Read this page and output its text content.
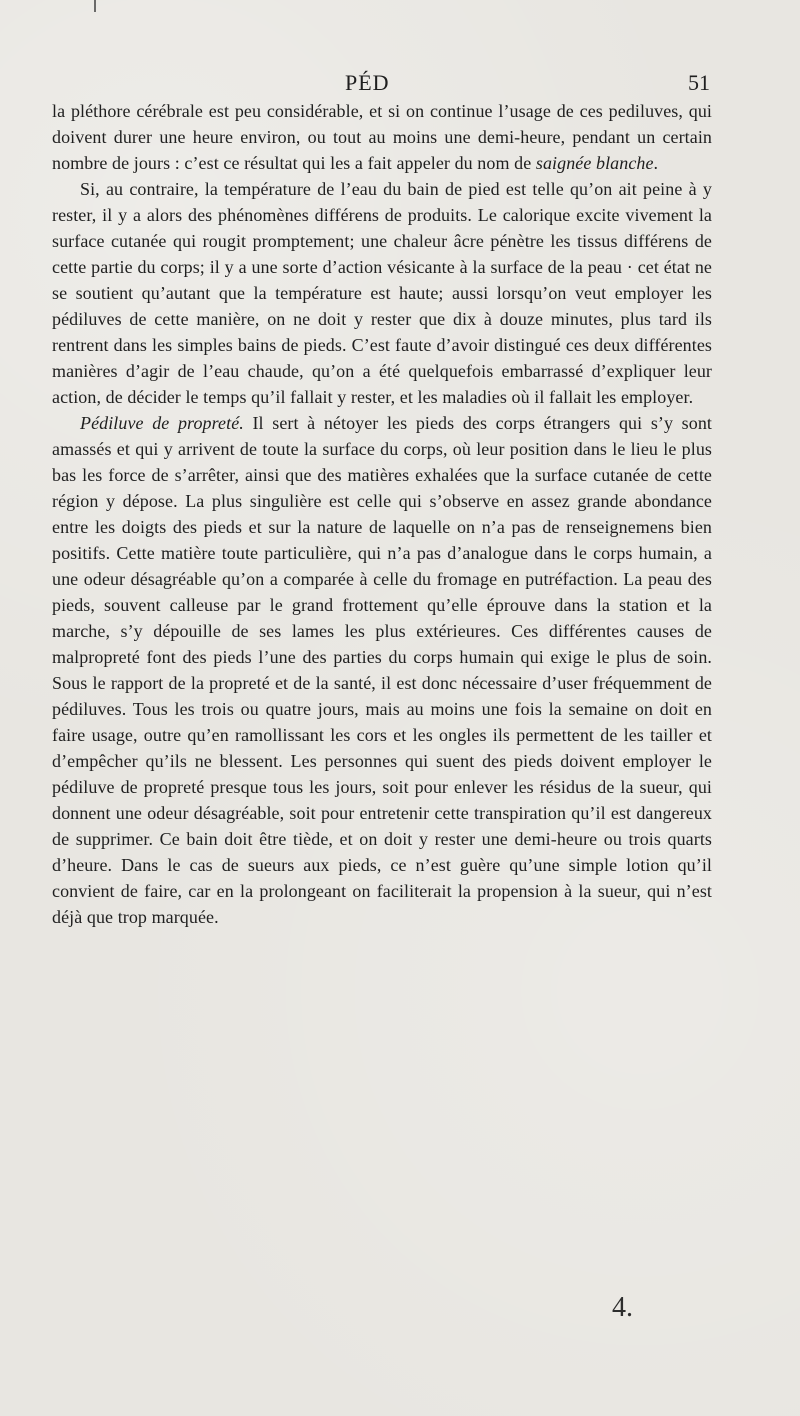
PÉD	51

la pléthore cérébrale est peu considérable, et si on continue l’usage de ces pediluves, qui doivent durer une heure environ, ou tout au moins une demi-heure, pendant un certain nombre de jours : c’est ce résultat qui les a fait appeler du nom de saignée blanche.

Si, au contraire, la température de l’eau du bain de pied est telle qu’on ait peine à y rester, il y a alors des phénomènes différens de produits. Le calorique excite vivement la surface cutanée qui rougit promptement; une chaleur âcre pénètre les tissus différens de cette partie du corps; il y a une sorte d’action vésicante à la surface de la peau · cet état ne se soutient qu’autant que la température est haute; aussi lorsqu’on veut employer les pédiluves de cette manière, on ne doit y rester que dix à douze minutes, plus tard ils rentrent dans les simples bains de pieds. C’est faute d’avoir distingué ces deux différentes manières d’agir de l’eau chaude, qu’on a été quelquefois embarrassé d’expliquer leur action, de décider le temps qu’il fallait y rester, et les maladies où il fallait les employer.

Pédiluve de propreté. Il sert à nétoyer les pieds des corps étrangers qui s’y sont amassés et qui y arrivent de toute la surface du corps, où leur position dans le lieu le plus bas les force de s’arrêter, ainsi que des matières exhalées que la surface cutanée de cette région y dépose. La plus singulière est celle qui s’observe en assez grande abondance entre les doigts des pieds et sur la nature de laquelle on n’a pas de renseignemens bien positifs. Cette matière toute particulière, qui n’a pas d’analogue dans le corps humain, a une odeur désagréable qu’on a comparée à celle du fromage en putréfaction. La peau des pieds, souvent calleuse par le grand frottement qu’elle éprouve dans la station et la marche, s’y dépouille de ses lames les plus extérieures. Ces différentes causes de malpropreté font des pieds l’une des parties du corps humain qui exige le plus de soin. Sous le rapport de la propreté et de la santé, il est donc nécessaire d’user fréquemment de pédiluves. Tous les trois ou quatre jours, mais au moins une fois la semaine on doit en faire usage, outre qu’en ramollissant les cors et les ongles ils permettent de les tailler et d’empêcher qu’ils ne blessent. Les personnes qui suent des pieds doivent employer le pédiluve de propreté presque tous les jours, soit pour enlever les résidus de la sueur, qui donnent une odeur désagréable, soit pour entretenir cette transpiration qu’il est dangereux de supprimer. Ce bain doit être tiède, et on doit y rester une demi-heure ou trois quarts d’heure. Dans le cas de sueurs aux pieds, ce n’est guère qu’une simple lotion qu’il convient de faire, car en la prolongeant on faciliterait la propension à la sueur, qui n’est déjà que trop marquée.

4.
